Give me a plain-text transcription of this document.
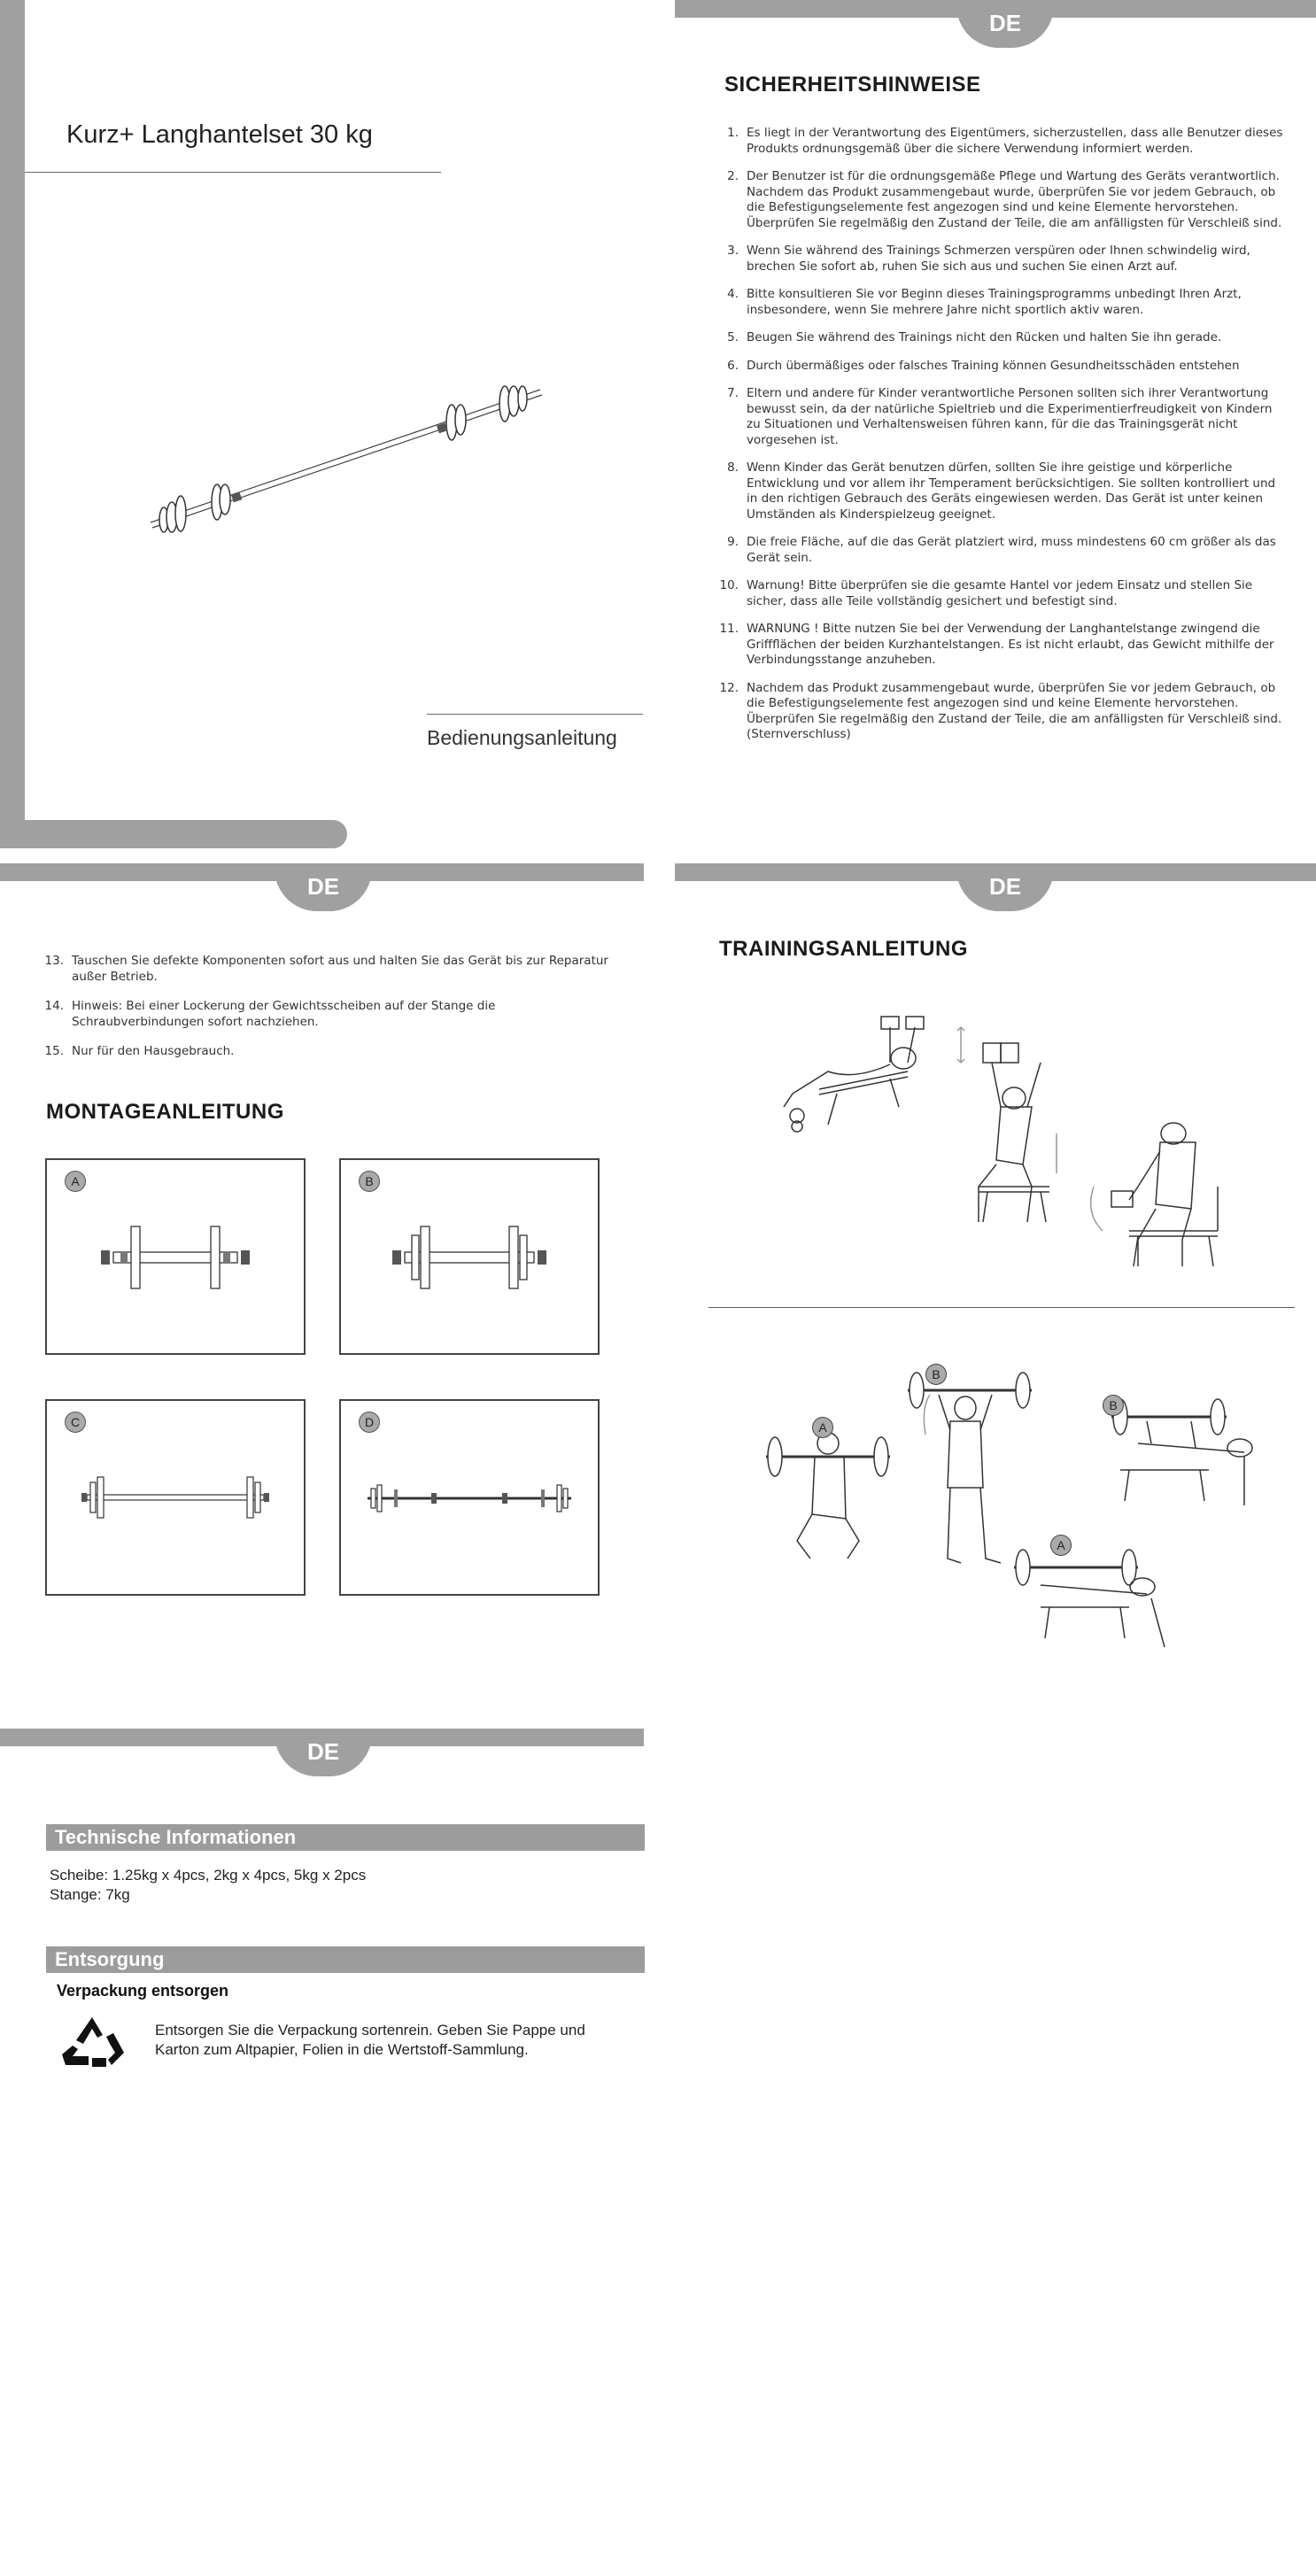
Kurz+ Langhantelset 30 kg
Bedienungsanleitung
DE
SICHERHEITSHINWEISE
1. Es liegt in der Verantwortung des Eigentümers, sicherzustellen, dass alle Benutzer dieses Produkts ordnungsgemäß über die sichere Verwendung informiert werden.
2. Der Benutzer ist für die ordnungsgemäße Pflege und Wartung des Geräts verantwortlich. Nachdem das Produkt zusammengebaut wurde, überprüfen Sie vor jedem Gebrauch, ob die Befestigungselemente fest angezogen sind und keine Elemente hervorstehen. Überprüfen Sie regelmäßig den Zustand der Teile, die am anfälligsten für Verschleiß sind.
3. Wenn Sie während des Trainings Schmerzen verspüren oder Ihnen schwindelig wird, brechen Sie sofort ab, ruhen Sie sich aus und suchen Sie einen Arzt auf.
4. Bitte konsultieren Sie vor Beginn dieses Trainingsprogramms unbedingt Ihren Arzt, insbesondere, wenn Sie mehrere Jahre nicht sportlich aktiv waren.
5. Beugen Sie während des Trainings nicht den Rücken und halten Sie ihn gerade.
6. Durch übermäßiges oder falsches Training können Gesundheitsschäden entstehen
7. Eltern und andere für Kinder verantwortliche Personen sollten sich ihrer Verantwortung bewusst sein, da der natürliche Spieltrieb und die Experimentierfreudigkeit von Kindern zu Situationen und Verhaltensweisen führen kann, für die das Trainingsgerät nicht vorgesehen ist.
8. Wenn Kinder das Gerät benutzen dürfen, sollten Sie ihre geistige und körperliche Entwicklung und vor allem ihr Temperament berücksichtigen. Sie sollten kontrolliert und in den richtigen Gebrauch des Geräts eingewiesen werden. Das Gerät ist unter keinen Umständen als Kinderspielzeug geeignet.
9. Die freie Fläche, auf die das Gerät platziert wird, muss mindestens 60 cm größer als das Gerät sein.
10. Warnung! Bitte überprüfen sie die gesamte Hantel vor jedem Einsatz und stellen Sie sicher, dass alle Teile vollständig gesichert und befestigt sind.
11. WARNUNG ! Bitte nutzen Sie bei der Verwendung der Langhantelstange zwingend die Griffflächen der beiden Kurzhantelstangen. Es ist nicht erlaubt, das Gewicht mithilfe der Verbindungsstange anzuheben.
12. Nachdem das Produkt zusammengebaut wurde, überprüfen Sie vor jedem Gebrauch, ob die Befestigungselemente fest angezogen sind und keine Elemente hervorstehen. Überprüfen Sie regelmäßig den Zustand der Teile, die am anfälligsten für Verschleiß sind. (Sternverschluss)
DE
13. Tauschen Sie defekte Komponenten sofort aus und halten Sie das Gerät bis zur Reparatur außer Betrieb.
14. Hinweis: Bei einer Lockerung der Gewichtsscheiben auf der Stange die Schraubverbindungen sofort nachziehen.
15. Nur für den Hausgebrauch.
MONTAGEANLEITUNG
A	B
C	D
DE
TRAININGSANLEITUNG
A
B
B
A
DE
Technische Informationen
Scheibe: 1.25kg x 4pcs, 2kg x 4pcs, 5kg x 2pcs
Stange: 7kg
Entsorgung
Verpackung entsorgen
Entsorgen Sie die Verpackung sortenrein. Geben Sie Pappe und Karton zum Altpapier, Folien in die Wertstoff-Sammlung.
